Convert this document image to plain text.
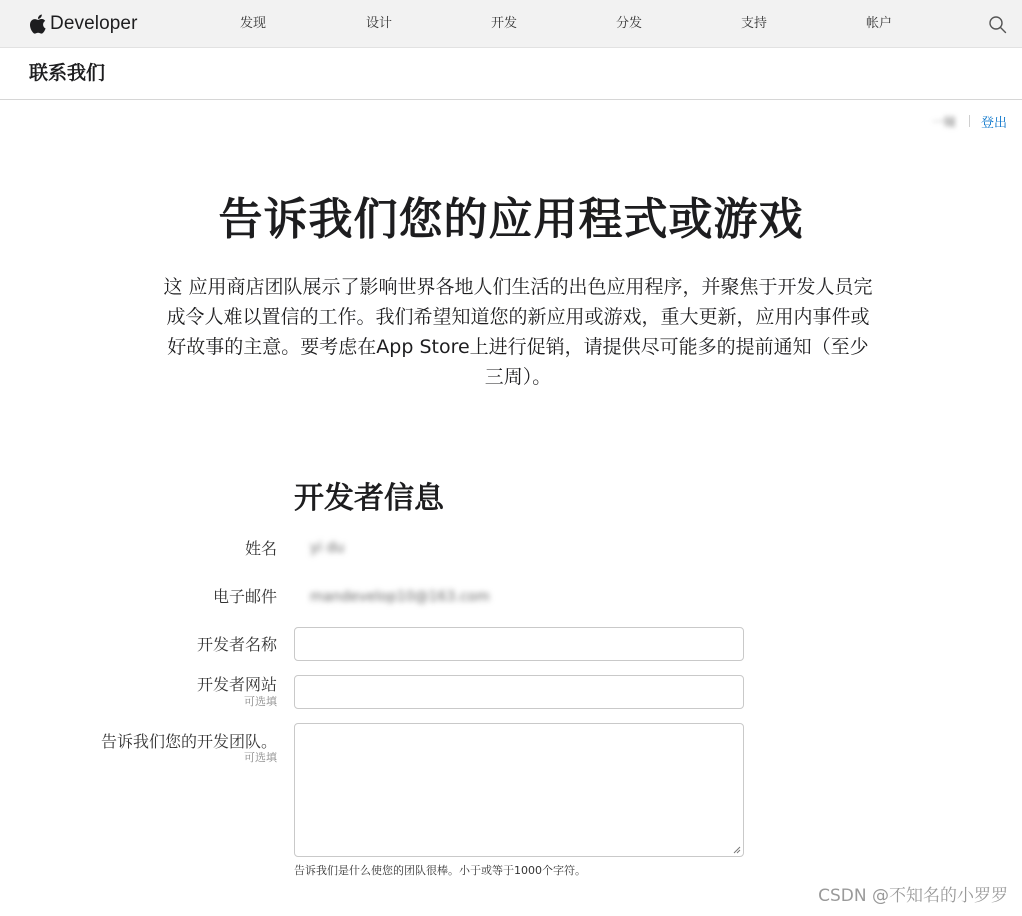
Developer	发现	设计	开发	分发	支持	帐户
联系我们
一瞳 登出
告诉我们您的应用程式或游戏

这 应用商店团队展示了影响世界各地人们生活的出色应用程序，并聚焦于开发人员完成令人难以置信的工作。我们希望知道您的新应用或游戏，重大更新，应用内事件或好故事的主意。要考虑在App Store上进行促销，请提供尽可能多的提前通知（至少三周）。

开发者信息
姓名 yi du
电子邮件 mandevelop10@163.com
开发者名称
开发者网站
可选填
告诉我们您的开发团队。
可选填
告诉我们是什么使您的团队很棒。小于或等于1000个字符。
CSDN @不知名的小罗罗
